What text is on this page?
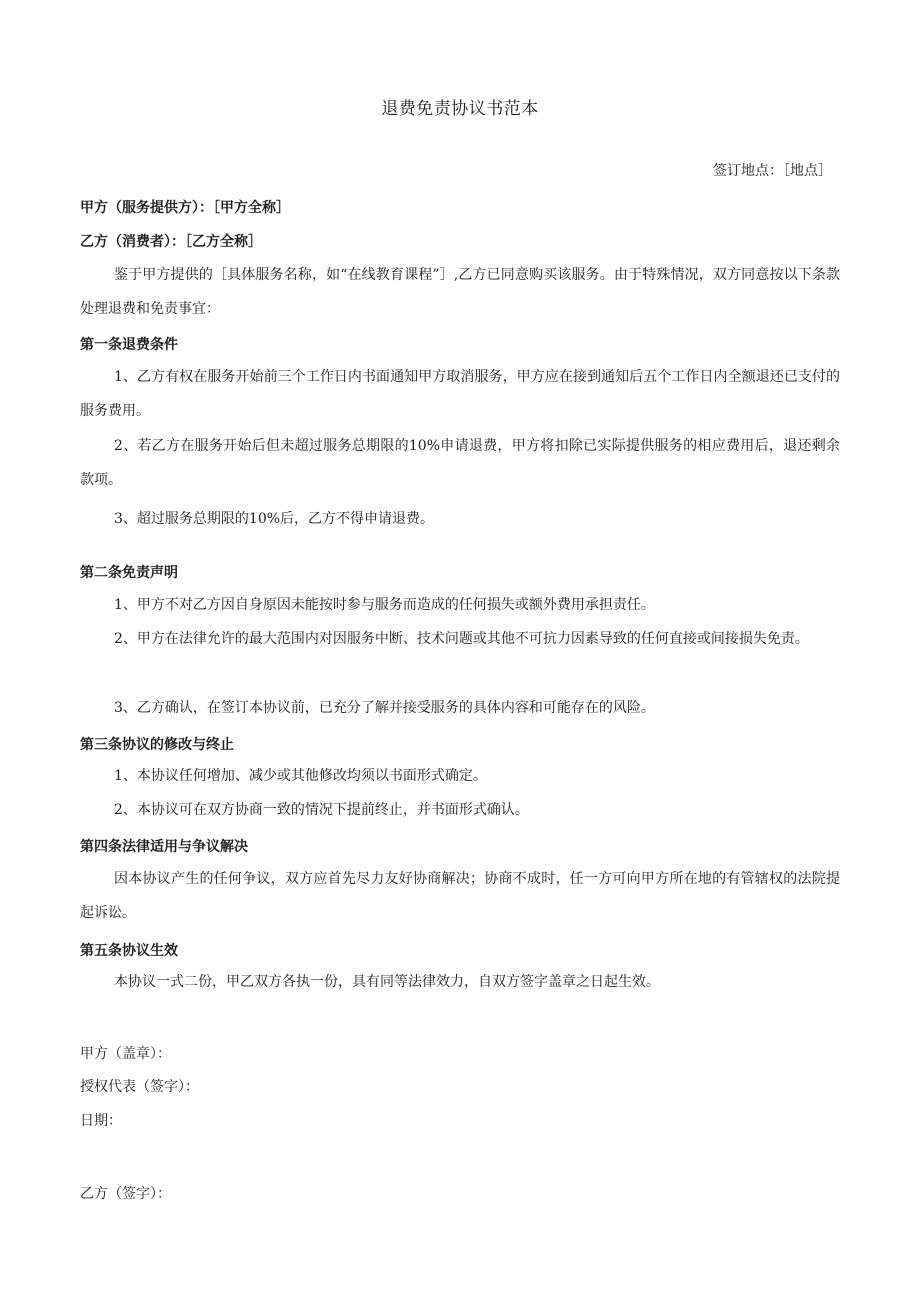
退费免责协议书范本
签订地点：［地点］
甲方（服务提供方）：［甲方全称］
乙方（消费者）：［乙方全称］
鉴于甲方提供的［具体服务名称，如“在线教育课程”］,乙方已同意购买该服务。由于特殊情况，双方同意按以下条款处理退费和免责事宜：
第一条退费条件
1、乙方有权在服务开始前三个工作日内书面通知甲方取消服务，甲方应在接到通知后五个工作日内全额退还已支付的服务费用。
2、若乙方在服务开始后但未超过服务总期限的10%申请退费，甲方将扣除已实际提供服务的相应费用后，退还剩余款项。
3、超过服务总期限的10%后，乙方不得申请退费。
第二条免责声明
1、甲方不对乙方因自身原因未能按时参与服务而造成的任何损失或额外费用承担责任。
2、甲方在法律允许的最大范围内对因服务中断、技术问题或其他不可抗力因素导致的任何直接或间接损失免责。
3、乙方确认，在签订本协议前，已充分了解并接受服务的具体内容和可能存在的风险。
第三条协议的修改与终止
1、本协议任何增加、减少或其他修改均须以书面形式确定。
2、本协议可在双方协商一致的情况下提前终止，并书面形式确认。
第四条法律适用与争议解决
因本协议产生的任何争议，双方应首先尽力友好协商解决；协商不成时，任一方可向甲方所在地的有管辖权的法院提起诉讼。
第五条协议生效
本协议一式二份，甲乙双方各执一份，具有同等法律效力，自双方签字盖章之日起生效。
甲方（盖章）：
授权代表（签字）：
日期：
乙方（签字）：
